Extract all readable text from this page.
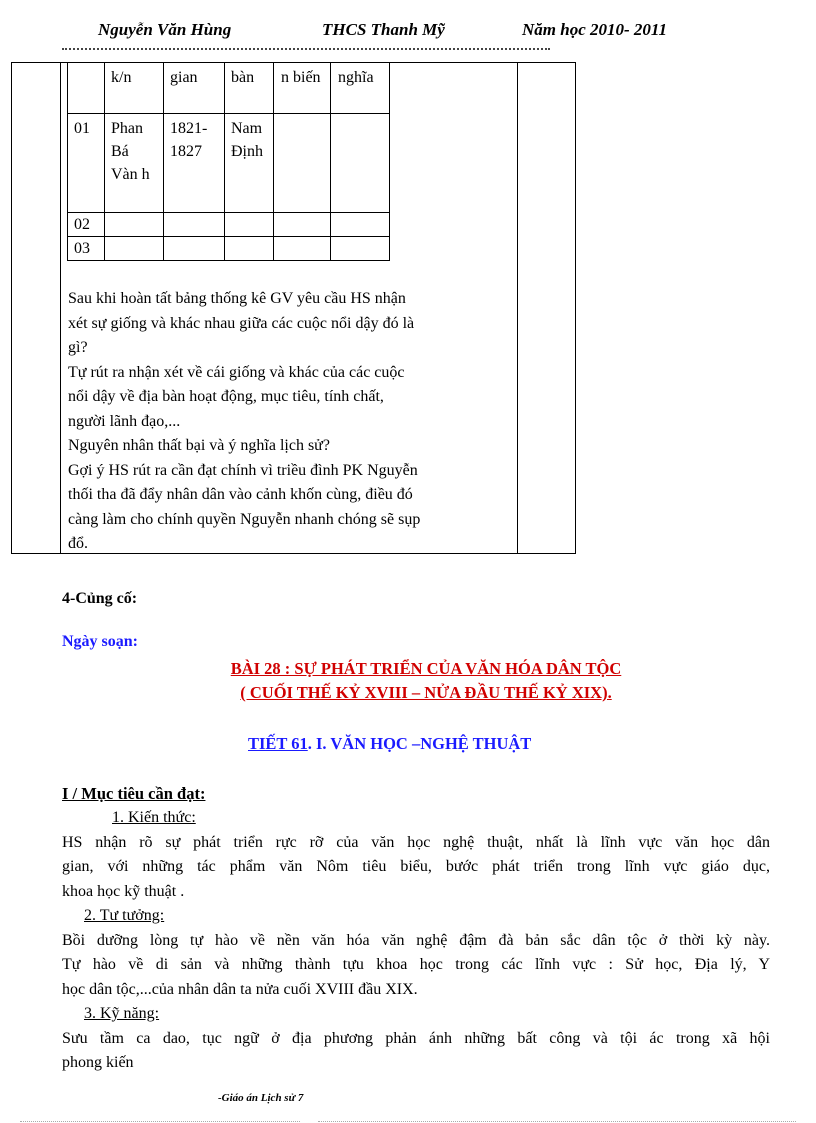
Nguyễn Văn Hùng	THCS Thanh Mỹ	Năm học 2010- 2011
k/n gian bàn n biến nghĩa
01 Phan Bá Vàn h
1821- 1827
Nam Định
02
03
Sau khi hoàn tất bảng thống kê GV yêu cầu HS nhận
xét sự giống và khác nhau giữa các cuộc nổi dậy đó là
gì?
Tự rút ra nhận xét về cái giống và khác của các cuộc
nổi dậy về địa bàn hoạt động, mục tiêu, tính chất,
người lãnh đạo,...
Nguyên nhân thất bại và ý nghĩa lịch sử?
Gợi ý HS rút ra cần đạt chính vì triều đình PK Nguyễn
thối tha đã đẩy nhân dân vào cảnh khốn cùng, điều đó
càng làm cho chính quyền Nguyễn nhanh chóng sẽ sụp
đổ.
4-Củng cố:
Ngày soạn:
BÀI 28 : SỰ PHÁT TRIỂN CỦA VĂN HÓA DÂN TỘC
( CUỐI THẾ KỶ XVIII – NỬA ĐẦU THẾ KỶ XIX).
TIẾT 61. I. VĂN HỌC –NGHỆ THUẬT
I / Mục tiêu cần đạt:
1. Kiến thức:
HS nhận rõ sự phát triển rực rỡ của văn học nghệ thuật, nhất là lĩnh vực văn học dân
gian, với những tác phẩm văn Nôm tiêu biểu, bước phát triển trong lĩnh vực giáo dục,
khoa học kỹ thuật .
2. Tư tưởng:
Bồi dưỡng lòng tự hào về nền văn hóa văn nghệ đậm đà bản sắc dân tộc ở thời kỳ này.
Tự hào về di sản và những thành tựu khoa học trong các lĩnh vực : Sử học, Địa lý, Y
học dân tộc,...của nhân dân ta nửa cuối XVIII đầu XIX.
3. Kỹ năng:
Sưu tầm ca dao, tục ngữ ở địa phương phản ánh những bất công và tội ác trong xã hội
phong kiến
-Giáo án Lịch sử 7
